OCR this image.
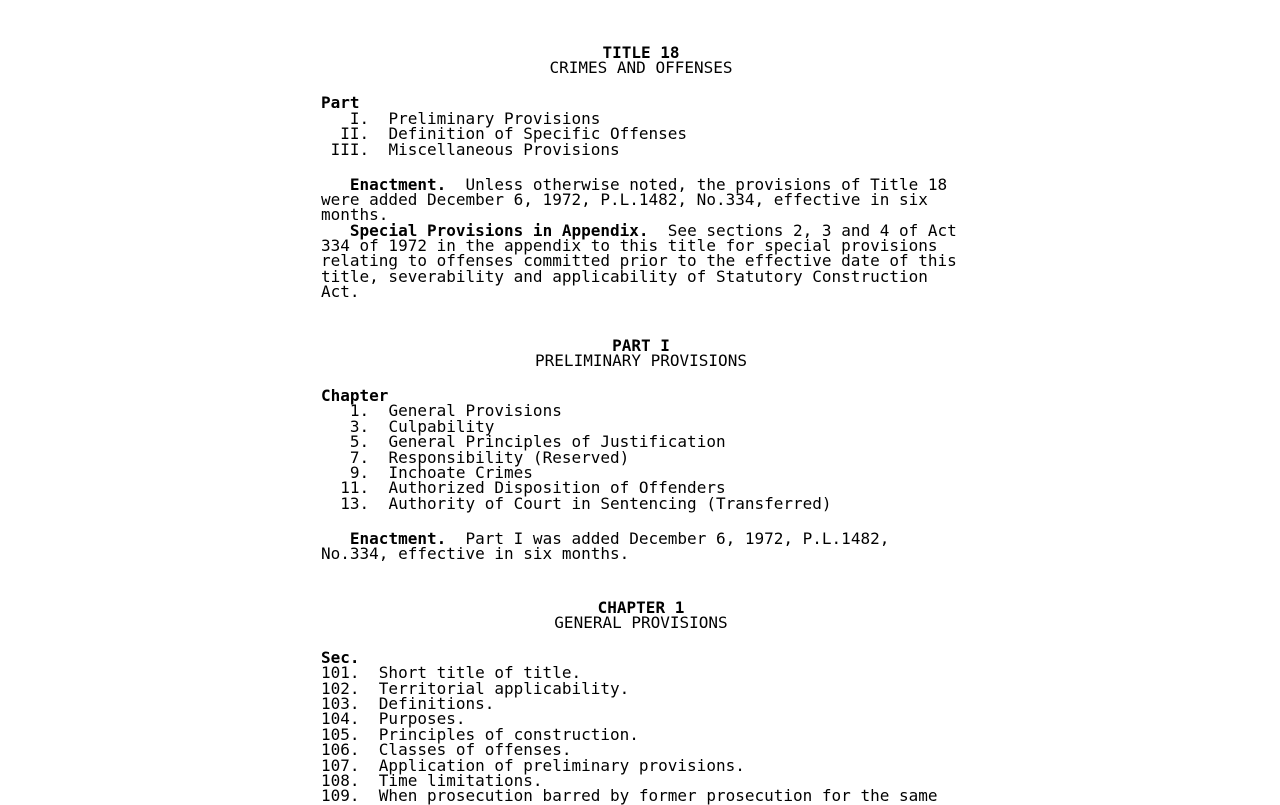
TITLE 18
CRIMES AND OFFENSES
Part
I.  Preliminary Provisions
II.  Definition of Specific Offenses
III.  Miscellaneous Provisions
Enactment.  Unless otherwise noted, the provisions of Title 18
were added December 6, 1972, P.L.1482, No.334, effective in six
months.
Special Provisions in Appendix.  See sections 2, 3 and 4 of Act
334 of 1972 in the appendix to this title for special provisions
relating to offenses committed prior to the effective date of this
title, severability and applicability of Statutory Construction
Act.
PART I
PRELIMINARY PROVISIONS
Chapter
1.  General Provisions
3.  Culpability
5.  General Principles of Justification
7.  Responsibility (Reserved)
9.  Inchoate Crimes
11.  Authorized Disposition of Offenders
13.  Authority of Court in Sentencing (Transferred)
Enactment.  Part I was added December 6, 1972, P.L.1482,
No.334, effective in six months.
CHAPTER 1
GENERAL PROVISIONS
Sec.
101.  Short title of title.
102.  Territorial applicability.
103.  Definitions.
104.  Purposes.
105.  Principles of construction.
106.  Classes of offenses.
107.  Application of preliminary provisions.
108.  Time limitations.
109.  When prosecution barred by former prosecution for the same
